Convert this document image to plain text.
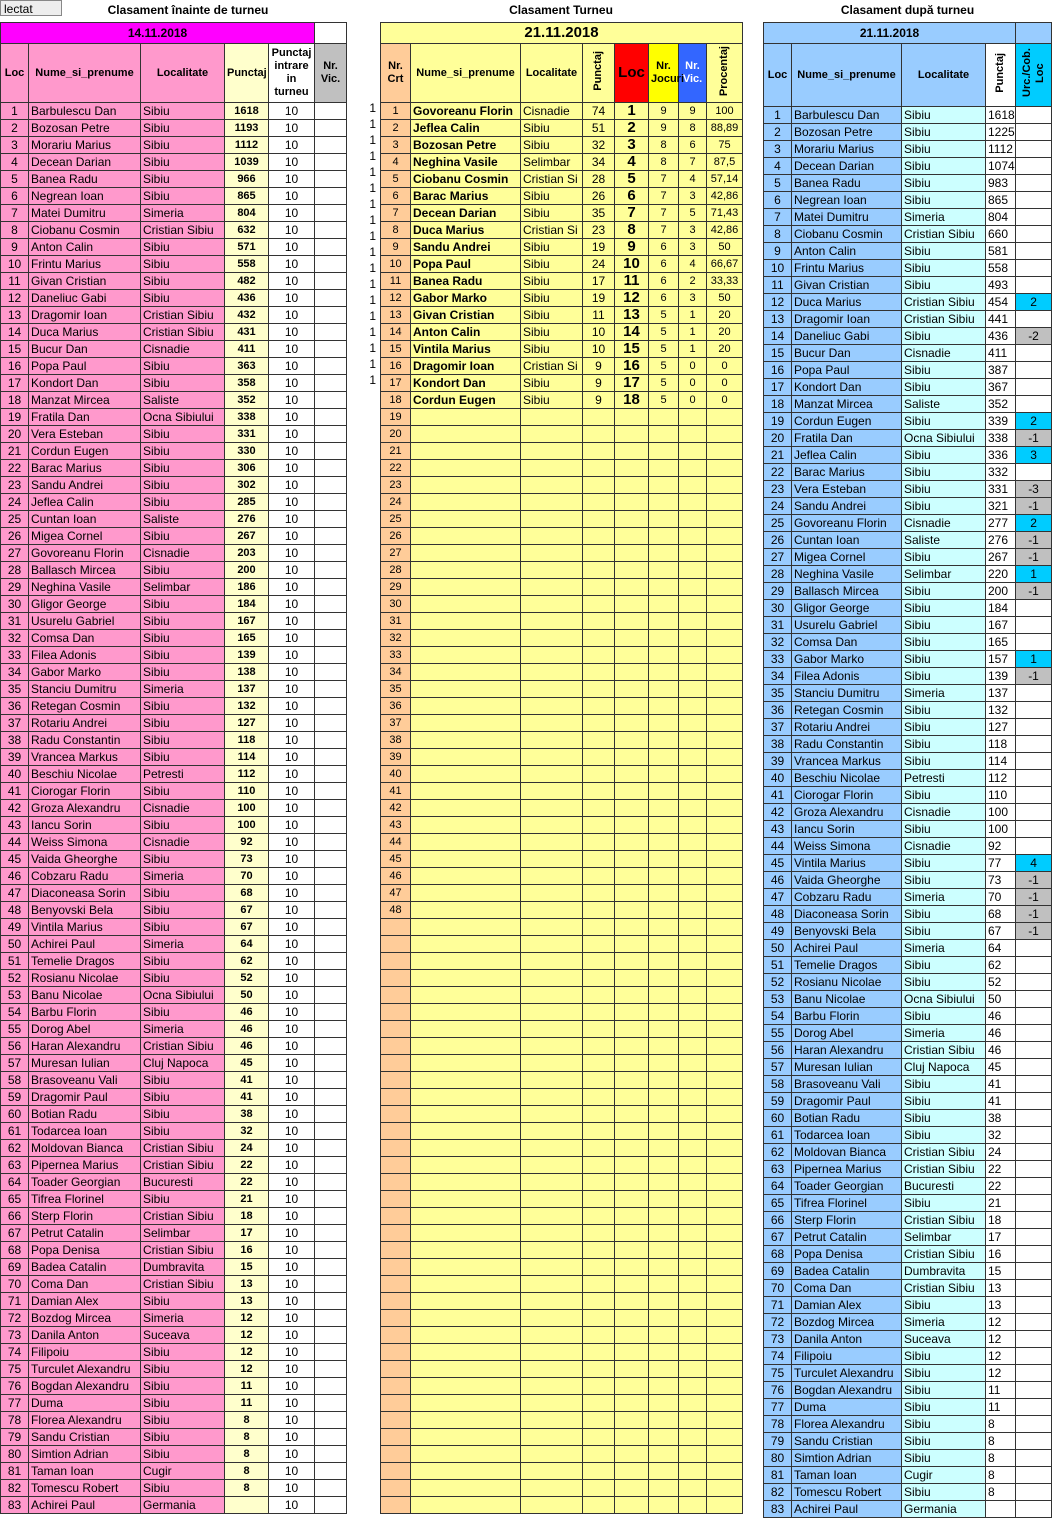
lectat	Clasament înainte de turneu	Clasament Turneu	Clasament după turneu
14.11.2018					
Loc	Nume_si_prenume	Localitate	Punctaj	Punctaj intrare in turneu	Nr. Vic.
1	Barbulescu Dan	Sibiu	1618	10	
2	Bozosan Petre	Sibiu	1193	10	
3	Morariu Marius	Sibiu	1112	10	
4	Decean Darian	Sibiu	1039	10	
5	Banea Radu	Sibiu	966	10	
6	Negrean Ioan	Sibiu	865	10	
7	Matei Dumitru	Simeria	804	10	
8	Ciobanu Cosmin	Cristian Sibiu	632	10	
9	Anton Calin	Sibiu	571	10	
10	Frintu Marius	Sibiu	558	10	
11	Givan Cristian	Sibiu	482	10	
12	Daneliuc Gabi	Sibiu	436	10	
13	Dragomir Ioan	Cristian Sibiu	432	10	
14	Duca Marius	Cristian Sibiu	431	10	
15	Bucur Dan	Cisnadie	411	10	
16	Popa Paul	Sibiu	363	10	
17	Kondort Dan	Sibiu	358	10	
18	Manzat Mircea	Saliste	352	10	
19	Fratila Dan	Ocna Sibiului	338	10	
20	Vera Esteban	Sibiu	331	10	
21	Cordun Eugen	Sibiu	330	10	
22	Barac Marius	Sibiu	306	10	
23	Sandu Andrei	Sibiu	302	10	
24	Jeflea Calin	Sibiu	285	10	
25	Cuntan Ioan	Saliste	276	10	
26	Migea Cornel	Sibiu	267	10	
27	Govoreanu Florin	Cisnadie	203	10	
28	Ballasch Mircea	Sibiu	200	10	
29	Neghina Vasile	Selimbar	186	10	
30	Gligor George	Sibiu	184	10	
31	Usurelu Gabriel	Sibiu	167	10	
32	Comsa Dan	Sibiu	165	10	
33	Filea Adonis	Sibiu	139	10	
34	Gabor Marko	Sibiu	138	10	
35	Stanciu Dumitru	Simeria	137	10	
36	Retegan Cosmin	Sibiu	132	10	
37	Rotariu Andrei	Sibiu	127	10	
38	Radu Constantin	Sibiu	118	10	
39	Vrancea Markus	Sibiu	114	10	
40	Beschiu Nicolae	Petresti	112	10	
41	Ciorogar Florin	Sibiu	110	10	
42	Groza Alexandru	Cisnadie	100	10	
43	Iancu Sorin	Sibiu	100	10	
44	Weiss Simona	Cisnadie	92	10	
45	Vaida Gheorghe	Sibiu	73	10	
46	Cobzaru Radu	Simeria	70	10	
47	Diaconeasa Sorin	Sibiu	68	10	
48	Benyovski Bela	Sibiu	67	10	
49	Vintila Marius	Sibiu	67	10	
50	Achirei Paul	Simeria	64	10	
51	Temelie Dragos	Sibiu	62	10	
52	Rosianu Nicolae	Sibiu	52	10	
53	Banu Nicolae	Ocna Sibiului	50	10	
54	Barbu Florin	Sibiu	46	10	
55	Dorog Abel	Simeria	46	10	
56	Haran Alexandru	Cristian Sibiu	46	10	
57	Muresan Iulian	Cluj Napoca	45	10	
58	Brasoveanu Vali	Sibiu	41	10	
59	Dragomir Paul	Sibiu	41	10	
60	Botian Radu	Sibiu	38	10	
61	Todarcea Ioan	Sibiu	32	10	
62	Moldovan Bianca	Cristian Sibiu	24	10	
63	Pipernea Marius	Cristian Sibiu	22	10	
64	Toader Georgian	Bucuresti	22	10	
65	Tifrea Florinel	Sibiu	21	10	
66	Sterp Florin	Cristian Sibiu	18	10	
67	Petrut Catalin	Selimbar	17	10	
68	Popa Denisa	Cristian Sibiu	16	10	
69	Badea Catalin	Dumbravita	15	10	
70	Coma Dan	Cristian Sibiu	13	10	
71	Damian Alex	Sibiu	13	10	
72	Bozdog Mircea	Simeria	12	10	
73	Danila Anton	Suceava	12	10	
74	Filipoiu	Sibiu	12	10	
75	Turculet Alexandru	Sibiu	12	10	
76	Bogdan Alexandru	Sibiu	11	10	
77	Duma	Sibiu	11	10	
78	Florea Alexandru	Sibiu	8	10	
79	Sandu Cristian	Sibiu	8	10	
80	Simtion Adrian	Sibiu	8	10	
81	Taman Ioan	Cugir	8	10	
82	Tomescu Robert	Sibiu	8	10	
83	Achirei Paul	Germania		10	

1
1
1
1
1
1
1
1
1
1
1
1
1
1
1
1
1
1

21.11.2018							
Nr. Crt	Nume_si_prenume	Localitate	Punctaj	Loc	Nr. Jocuri	Nr. Vic.	Procentaj
1	Govoreanu Florin	Cisnadie	74	1	9	9	100
2	Jeflea Calin	Sibiu	51	2	9	8	88,89
3	Bozosan Petre	Sibiu	32	3	8	6	75
4	Neghina Vasile	Selimbar	34	4	8	7	87,5
5	Ciobanu Cosmin	Cristian Si	28	5	7	4	57,14
6	Barac Marius	Sibiu	26	6	7	3	42,86
7	Decean Darian	Sibiu	35	7	7	5	71,43
8	Duca Marius	Cristian Si	23	8	7	3	42,86
9	Sandu Andrei	Sibiu	19	9	6	3	50
10	Popa Paul	Sibiu	24	10	6	4	66,67
11	Banea Radu	Sibiu	17	11	6	2	33,33
12	Gabor Marko	Sibiu	19	12	6	3	50
13	Givan Cristian	Sibiu	11	13	5	1	20
14	Anton Calin	Sibiu	10	14	5	1	20
15	Vintila Marius	Sibiu	10	15	5	1	20
16	Dragomir Ioan	Cristian Si	9	16	5	0	0
17	Kondort Dan	Sibiu	9	17	5	0	0
18	Cordun Eugen	Sibiu	9	18	5	0	0
19							
20							
21							
22							
23							
24							
25							
26							
27							
28							
29							
30							
31							
32							
33							
34							
35							
36							
37							
38							
39							
40							
41							
42							
43							
44							
45							
46							
47							
48							

21.11.2018				
Loc	Nume_si_prenume	Localitate	Punctaj	Urc./Cob. Loc
1	Barbulescu Dan	Sibiu	1618	
2	Bozosan Petre	Sibiu	1225	
3	Morariu Marius	Sibiu	1112	
4	Decean Darian	Sibiu	1074	
5	Banea Radu	Sibiu	983	
6	Negrean Ioan	Sibiu	865	
7	Matei Dumitru	Simeria	804	
8	Ciobanu Cosmin	Cristian Sibiu	660	
9	Anton Calin	Sibiu	581	
10	Frintu Marius	Sibiu	558	
11	Givan Cristian	Sibiu	493	
12	Duca Marius	Cristian Sibiu	454	2
13	Dragomir Ioan	Cristian Sibiu	441	
14	Daneliuc Gabi	Sibiu	436	-2
15	Bucur Dan	Cisnadie	411	
16	Popa Paul	Sibiu	387	
17	Kondort Dan	Sibiu	367	
18	Manzat Mircea	Saliste	352	
19	Cordun Eugen	Sibiu	339	2
20	Fratila Dan	Ocna Sibiului	338	-1
21	Jeflea Calin	Sibiu	336	3
22	Barac Marius	Sibiu	332	
23	Vera Esteban	Sibiu	331	-3
24	Sandu Andrei	Sibiu	321	-1
25	Govoreanu Florin	Cisnadie	277	2
26	Cuntan Ioan	Saliste	276	-1
27	Migea Cornel	Sibiu	267	-1
28	Neghina Vasile	Selimbar	220	1
29	Ballasch Mircea	Sibiu	200	-1
30	Gligor George	Sibiu	184	
31	Usurelu Gabriel	Sibiu	167	
32	Comsa Dan	Sibiu	165	
33	Gabor Marko	Sibiu	157	1
34	Filea Adonis	Sibiu	139	-1
35	Stanciu Dumitru	Simeria	137	
36	Retegan Cosmin	Sibiu	132	
37	Rotariu Andrei	Sibiu	127	
38	Radu Constantin	Sibiu	118	
39	Vrancea Markus	Sibiu	114	
40	Beschiu Nicolae	Petresti	112	
41	Ciorogar Florin	Sibiu	110	
42	Groza Alexandru	Cisnadie	100	
43	Iancu Sorin	Sibiu	100	
44	Weiss Simona	Cisnadie	92	
45	Vintila Marius	Sibiu	77	4
46	Vaida Gheorghe	Sibiu	73	-1
47	Cobzaru Radu	Simeria	70	-1
48	Diaconeasa Sorin	Sibiu	68	-1
49	Benyovski Bela	Sibiu	67	-1
50	Achirei Paul	Simeria	64	
51	Temelie Dragos	Sibiu	62	
52	Rosianu Nicolae	Sibiu	52	
53	Banu Nicolae	Ocna Sibiului	50	
54	Barbu Florin	Sibiu	46	
55	Dorog Abel	Simeria	46	
56	Haran Alexandru	Cristian Sibiu	46	
57	Muresan Iulian	Cluj Napoca	45	
58	Brasoveanu Vali	Sibiu	41	
59	Dragomir Paul	Sibiu	41	
60	Botian Radu	Sibiu	38	
61	Todarcea Ioan	Sibiu	32	
62	Moldovan Bianca	Cristian Sibiu	24	
63	Pipernea Marius	Cristian Sibiu	22	
64	Toader Georgian	Bucuresti	22	
65	Tifrea Florinel	Sibiu	21	
66	Sterp Florin	Cristian Sibiu	18	
67	Petrut Catalin	Selimbar	17	
68	Popa Denisa	Cristian Sibiu	16	
69	Badea Catalin	Dumbravita	15	
70	Coma Dan	Cristian Sibiu	13	
71	Damian Alex	Sibiu	13	
72	Bozdog Mircea	Simeria	12	
73	Danila Anton	Suceava	12	
74	Filipoiu	Sibiu	12	
75	Turculet Alexandru	Sibiu	12	
76	Bogdan Alexandru	Sibiu	11	
77	Duma	Sibiu	11	
78	Florea Alexandru	Sibiu	8	
79	Sandu Cristian	Sibiu	8	
80	Simtion Adrian	Sibiu	8	
81	Taman Ioan	Cugir	8	
82	Tomescu Robert	Sibiu	8	
83	Achirei Paul	Germania		
